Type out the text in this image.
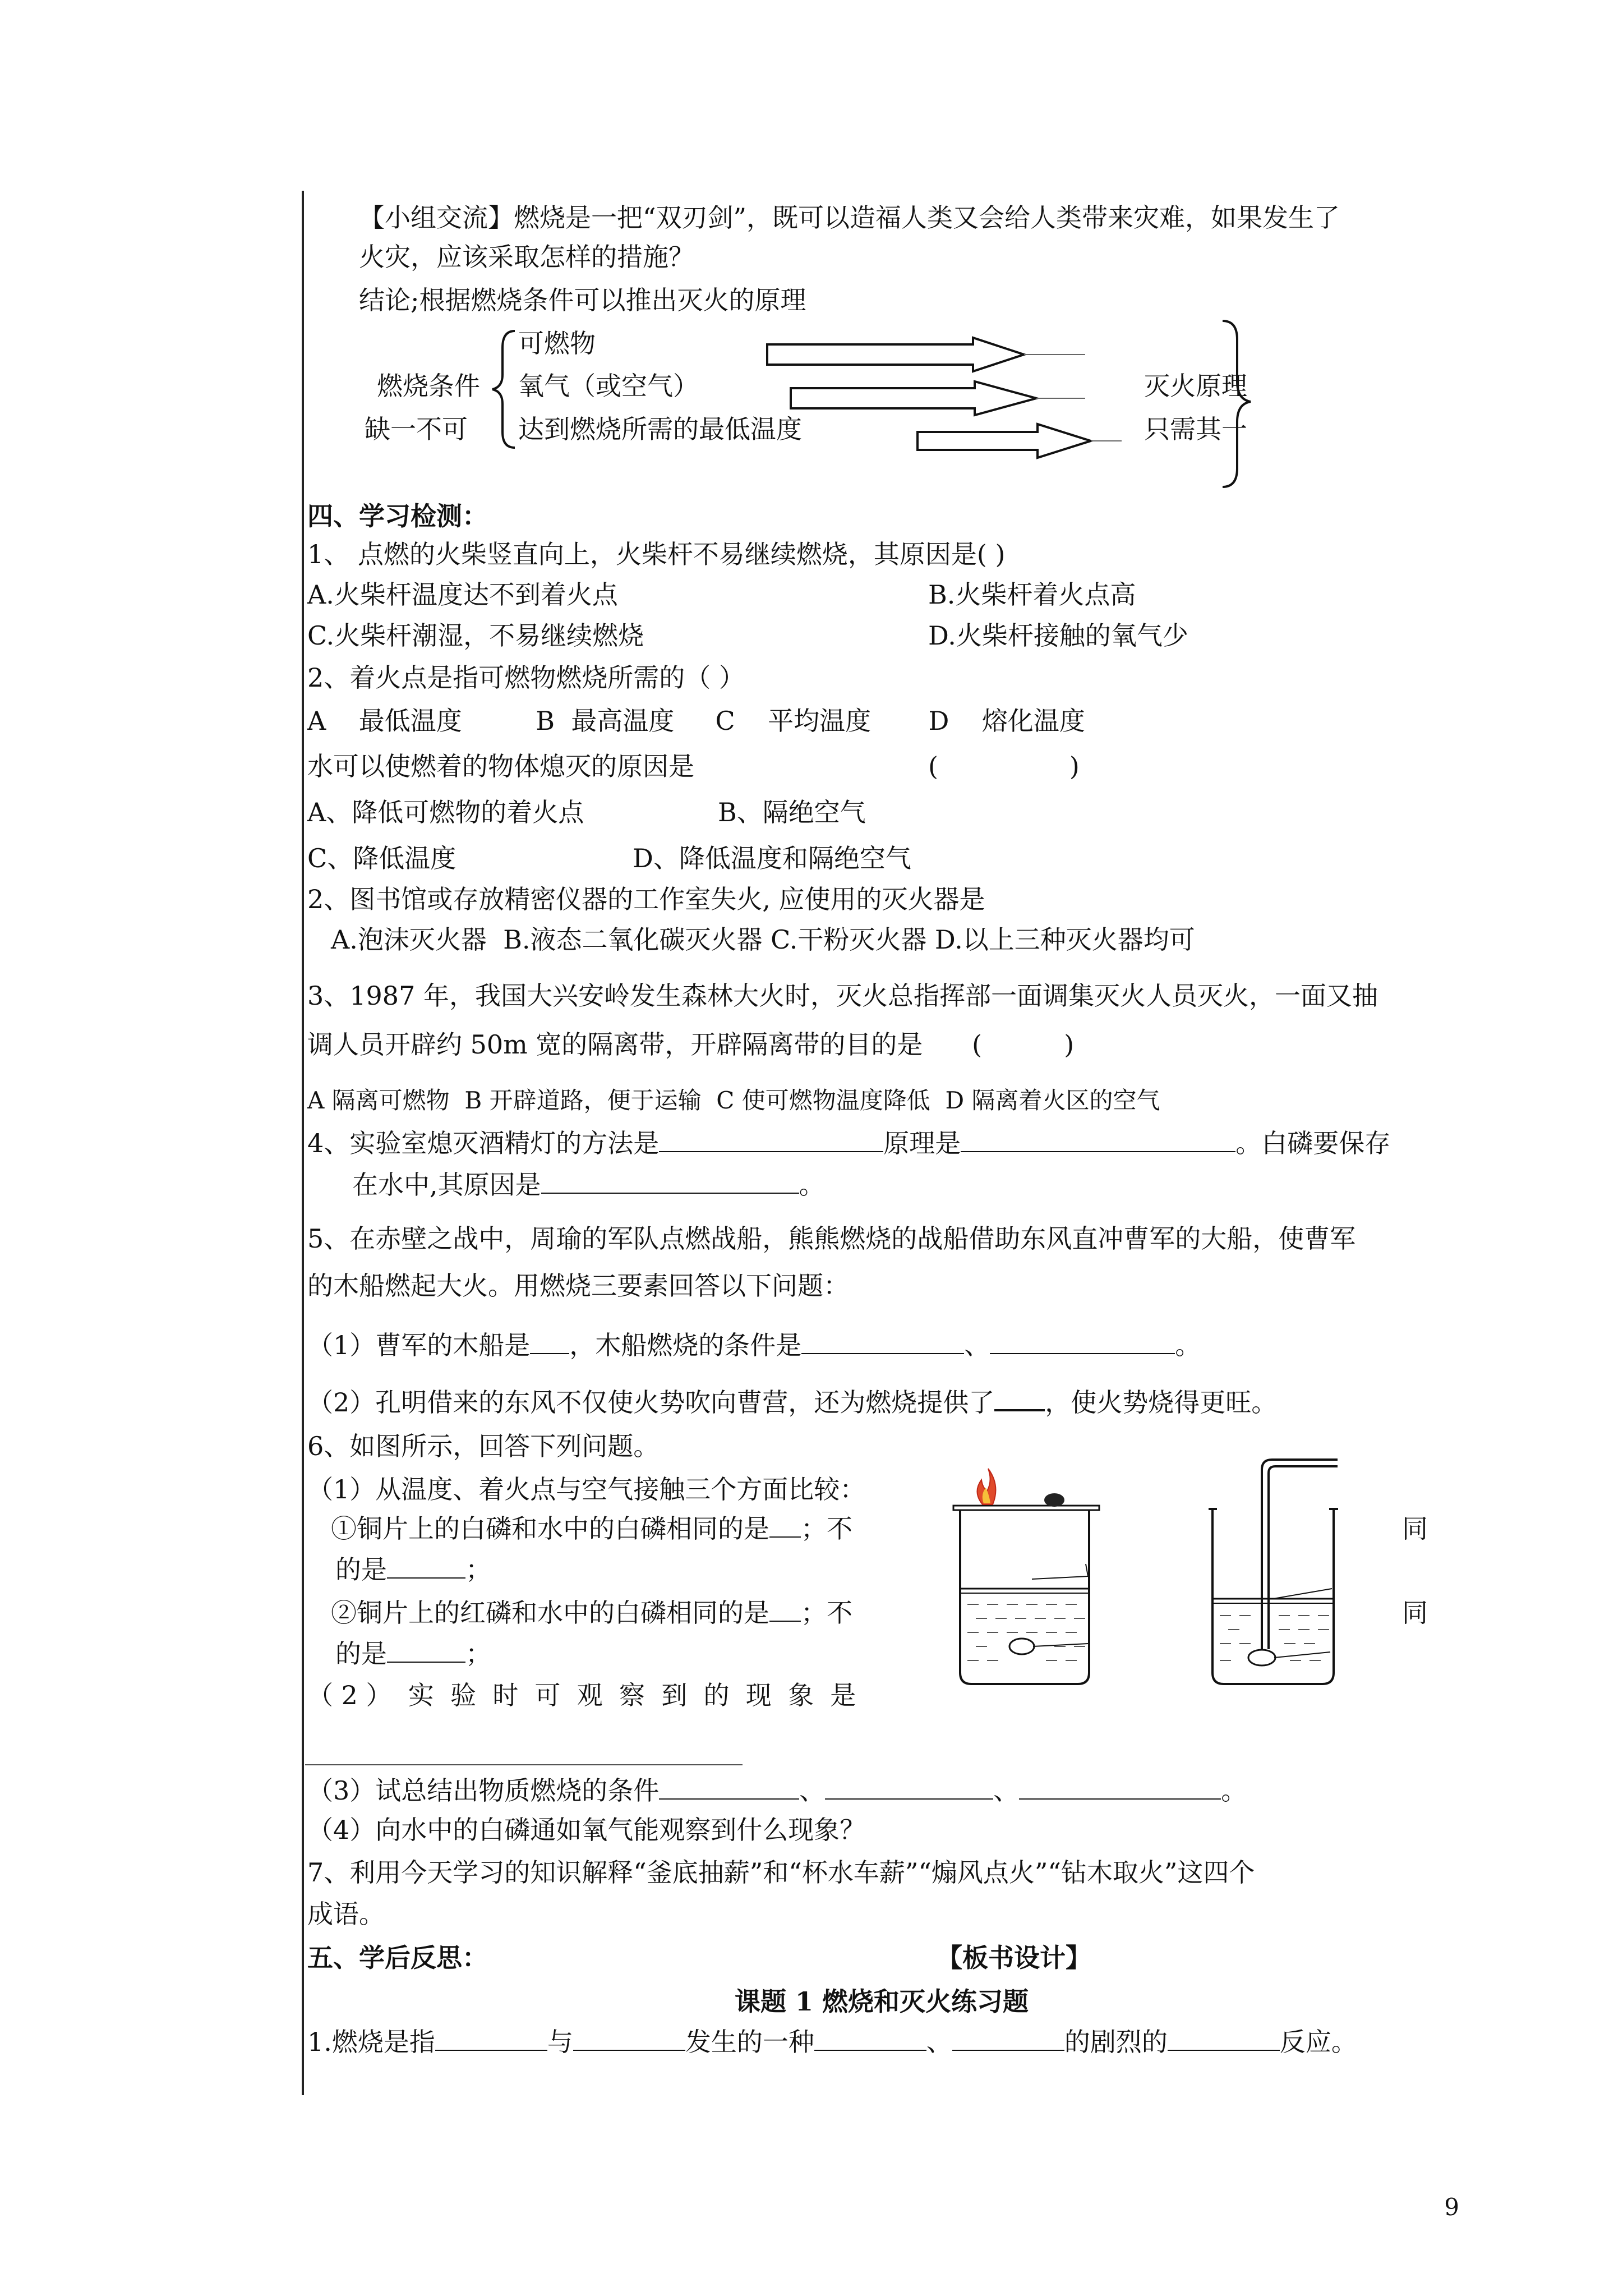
【小组交流】燃烧是一把“双刃剑”，既可以造福人类又会给人类带来灾难，如果发生了
火灾，应该采取怎样的措施？
结论;根据燃烧条件可以推出灭火的原理
燃烧条件
缺一不可
可燃物
氧气（或空气）
达到燃烧所需的最低温度
灭火原理
只需其一
四、学习检测：
1、 点燃的火柴竖直向上，火柴杆不易继续燃烧，其原因是( )
A.火柴杆温度达不到着火点	B.火柴杆着火点高
C.火柴杆潮湿，不易继续燃烧	D.火柴杆接触的氧气少
2、着火点是指可燃物燃烧所需的（ ）
A    最低温度         B  最高温度     C    平均温度       D    熔化温度
水可以使燃着的物体熄灭的原因是	(                )
A、降低可燃物的着火点	B、隔绝空气
C、降低温度	D、降低温度和隔绝空气
2、图书馆或存放精密仪器的工作室失火, 应使用的灭火器是
A.泡沫灭火器  B.液态二氧化碳灭火器 C.干粉灭火器 D.以上三种灭火器均可
3、1987 年，我国大兴安岭发生森林大火时，灭火总指挥部一面调集灭火人员灭火，一面又抽
调人员开辟约 50m 宽的隔离带，开辟隔离带的目的是      (          )
A 隔离可燃物  B 开辟道路，便于运输  C 使可燃物温度降低  D 隔离着火区的空气
4、实验室熄灭酒精灯的方法是	原理是	。白磷要保存
在水中,其原因是	。
5、在赤壁之战中，周瑜的军队点燃战船，熊熊燃烧的战船借助东风直冲曹军的大船，使曹军
的木船燃起大火。用燃烧三要素回答以下问题：
（1）曹军的木船是 ，木船燃烧的条件是	、	。
（2）孔明借来的东风不仅使火势吹向曹营，还为燃烧提供了 ，使火势烧得更旺。
6、如图所示，回答下列问题。
（1）从温度、着火点与空气接触三个方面比较：
①铜片上的白磷和水中的白磷相同的是 ；不	同
的是	；
②铜片上的红磷和水中的白磷相同的是 ；不	同
的是	；
（ 2 ）  实  验  时  可  观  察  到  的  现  象  是
（3）试总结出物质燃烧的条件	、	、	。
（4）向水中的白磷通如氧气能观察到什么现象？
7、利用今天学习的知识解释“釜底抽薪”和“杯水车薪”“煽风点火”“钻木取火”这四个
成语。
五、学后反思：	【板书设计】
课题 1 燃烧和灭火练习题
1.燃烧是指	与	发生的一种	、	的剧烈的	反应。
9
